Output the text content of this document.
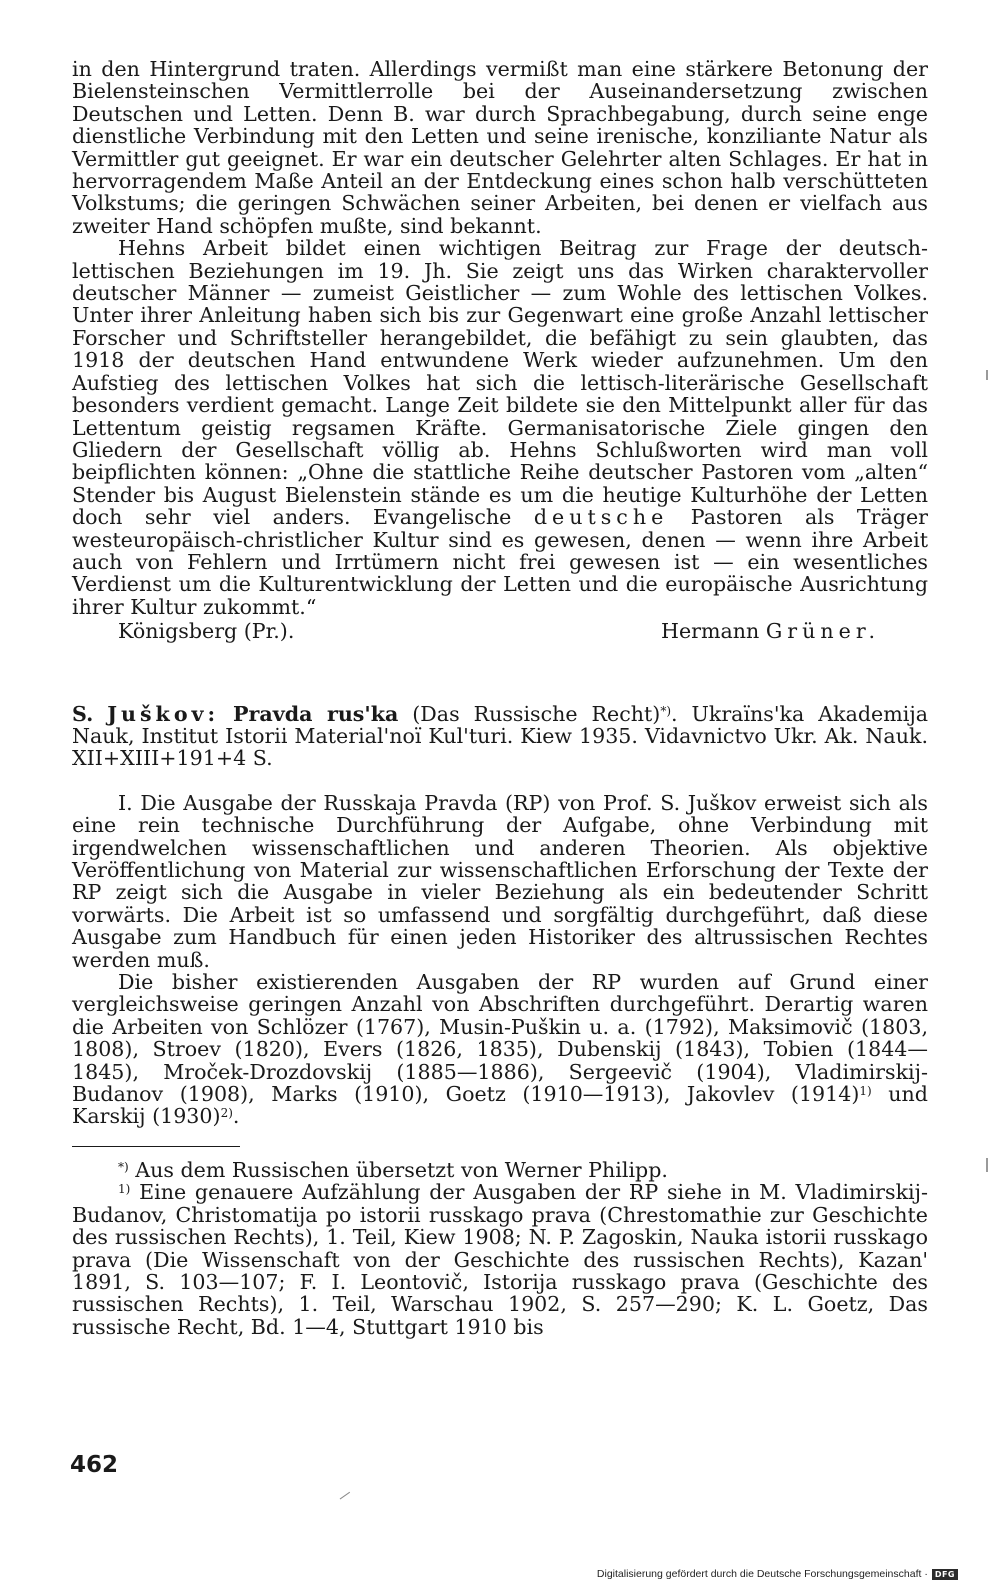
in den Hintergrund traten. Allerdings vermißt man eine stärkere Betonung der Bielensteinschen Vermittlerrolle bei der Auseinandersetzung zwischen Deutschen und Letten. Denn B. war durch Sprachbegabung, durch seine enge dienstliche Verbindung mit den Letten und seine irenische, konziliante Natur als Vermittler gut geeignet. Er war ein deutscher Gelehrter alten Schlages. Er hat in hervorragendem Maße Anteil an der Entdeckung eines schon halb verschütteten Volkstums; die geringen Schwächen seiner Arbeiten, bei denen er vielfach aus zweiter Hand schöpfen mußte, sind bekannt.

Hehns Arbeit bildet einen wichtigen Beitrag zur Frage der deutsch-lettischen Beziehungen im 19. Jh. Sie zeigt uns das Wirken charaktervoller deutscher Männer — zumeist Geistlicher — zum Wohle des lettischen Volkes. Unter ihrer Anleitung haben sich bis zur Gegenwart eine große Anzahl lettischer Forscher und Schriftsteller herangebildet, die befähigt zu sein glaubten, das 1918 der deutschen Hand entwundene Werk wieder aufzunehmen. Um den Aufstieg des lettischen Volkes hat sich die lettisch-literärische Gesellschaft besonders verdient gemacht. Lange Zeit bildete sie den Mittelpunkt aller für das Lettentum geistig regsamen Kräfte. Germanisatorische Ziele gingen den Gliedern der Gesellschaft völlig ab. Hehns Schlußworten wird man voll beipflichten können: „Ohne die stattliche Reihe deutscher Pastoren vom „alten“ Stender bis August Bielenstein stände es um die heutige Kulturhöhe der Letten doch sehr viel anders. Evangelische deutsche Pastoren als Träger westeuropäisch-christlicher Kultur sind es gewesen, denen — wenn ihre Arbeit auch von Fehlern und Irrtümern nicht frei gewesen ist — ein wesentliches Verdienst um die Kulturentwicklung der Letten und die europäische Ausrichtung ihrer Kultur zukommt.“

Königsberg (Pr.).	Hermann Grüner.

S. Juškov: Pravda rus'ka (Das Russische Recht)*). Ukraïns'ka Akademija Nauk, Institut Istorii Material'noï Kul'turi. Kiew 1935. Vidavnictvo Ukr. Ak. Nauk. XII+XIII+191+4 S.

I. Die Ausgabe der Russkaja Pravda (RP) von Prof. S. Juškov erweist sich als eine rein technische Durchführung der Aufgabe, ohne Verbindung mit irgendwelchen wissenschaftlichen und anderen Theorien. Als objektive Veröffentlichung von Material zur wissenschaftlichen Erforschung der Texte der RP zeigt sich die Ausgabe in vieler Beziehung als ein bedeutender Schritt vorwärts. Die Arbeit ist so umfassend und sorgfältig durchgeführt, daß diese Ausgabe zum Handbuch für einen jeden Historiker des altrussischen Rechtes werden muß.

Die bisher existierenden Ausgaben der RP wurden auf Grund einer vergleichsweise geringen Anzahl von Abschriften durchgeführt. Derartig waren die Arbeiten von Schlözer (1767), Musin-Puškin u. a. (1792), Maksimovič (1803, 1808), Stroev (1820), Evers (1826, 1835), Dubenskij (1843), Tobien (1844—1845), Mroček-Drozdovskij (1885—1886), Sergeevič (1904), Vladimirskij-Budanov (1908), Marks (1910), Goetz (1910—1913), Jakovlev (1914)$^{1)}$ und Karskij (1930)$^{2)}$.

*) Aus dem Russischen übersetzt von Werner Philipp.

$^{1)}$ Eine genauere Aufzählung der Ausgaben der RP siehe in M. Vladimirskij-Budanov, Christomatija po istorii russkago prava (Chrestomathie zur Geschichte des russischen Rechts), 1. Teil, Kiew 1908; N. P. Zagoskin, Nauka istorii russkago prava (Die Wissenschaft von der Geschichte des russischen Rechts), Kazan' 1891, S. 103—107; F. I. Leontovič, Istorija russkago prava (Geschichte des russischen Rechts), 1. Teil, Warschau 1902, S. 257—290; K. L. Goetz, Das russische Recht, Bd. 1—4, Stuttgart 1910 bis

462
Digitalisierung gefördert durch die Deutsche Forschungsgemeinschaft · DFG
